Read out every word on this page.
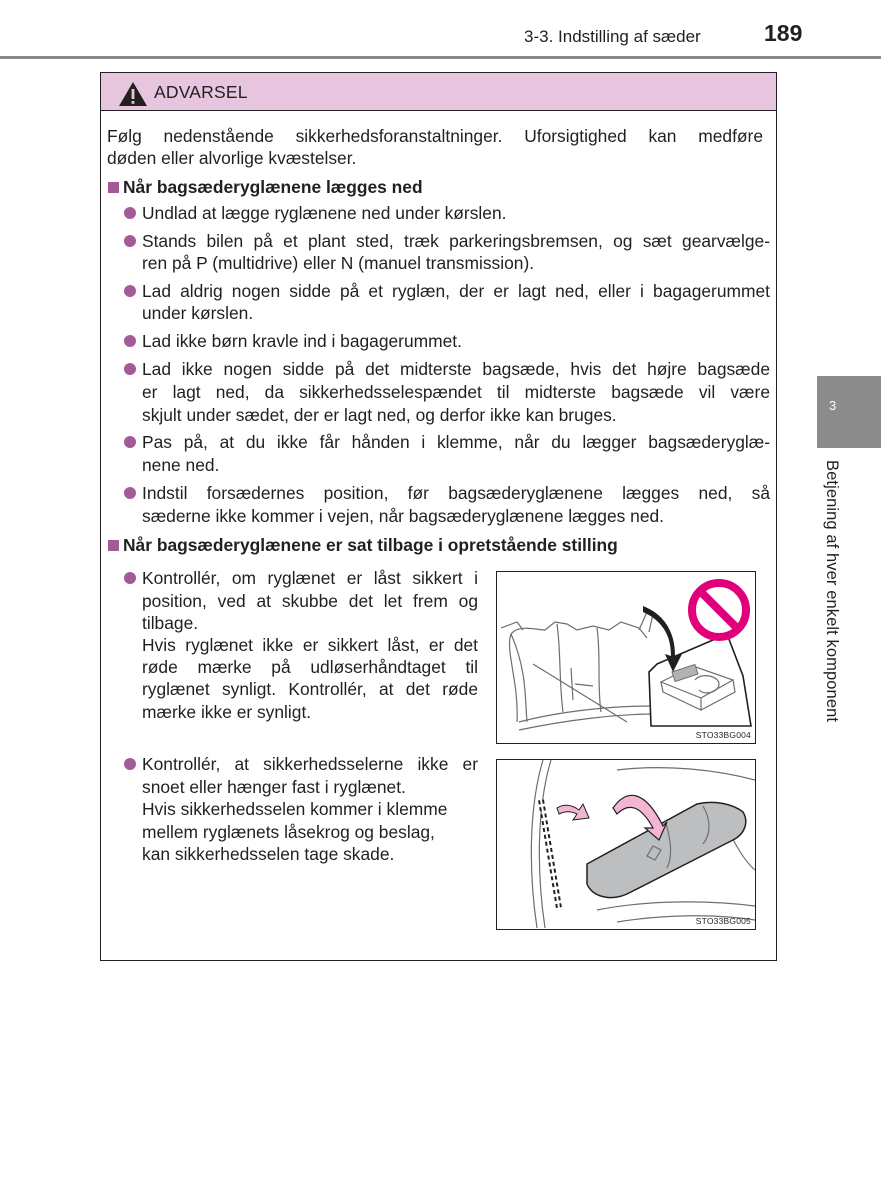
3-3. Indstilling af sæder	189
3
Betjening af hver enkelt komponent
ADVARSEL
Følg nedenstående sikkerhedsforanstaltninger. Uforsigtighed kan medføre
døden eller alvorlige kvæstelser.
Når bagsæderyglænene lægges ned
Undlad at lægge ryglænene ned under kørslen.
Stands bilen på et plant sted, træk parkeringsbremsen, og sæt gearvælge-
ren på P (multidrive) eller N (manuel transmission).
Lad aldrig nogen sidde på et ryglæn, der er lagt ned, eller i bagagerummet
under kørslen.
Lad ikke børn kravle ind i bagagerummet.
Lad ikke nogen sidde på det midterste bagsæde, hvis det højre bagsæde
er lagt ned, da sikkerhedsselespændet til midterste bagsæde vil være
skjult under sædet, der er lagt ned, og derfor ikke kan bruges.
Pas på, at du ikke får hånden i klemme, når du lægger bagsæderyglæ-
nene ned.
Indstil forsædernes position, før bagsæderyglænene lægges ned, så
sæderne ikke kommer i vejen, når bagsæderyglænene lægges ned.
Når bagsæderyglænene er sat tilbage i opretstående stilling
Kontrollér, om ryglænet er låst sikkert i
position, ved at skubbe det let frem og
tilbage.
Hvis ryglænet ikke er sikkert låst, er det
røde mærke på udløserhåndtaget til
ryglænet synligt. Kontrollér, at det røde
mærke ikke er synligt.
Kontrollér, at sikkerhedsselerne ikke er
snoet eller hænger fast i ryglænet.
Hvis sikkerhedsselen kommer i klemme
mellem ryglænets låsekrog og beslag,
kan sikkerhedsselen tage skade.
STO33BG004
STO33BG005
